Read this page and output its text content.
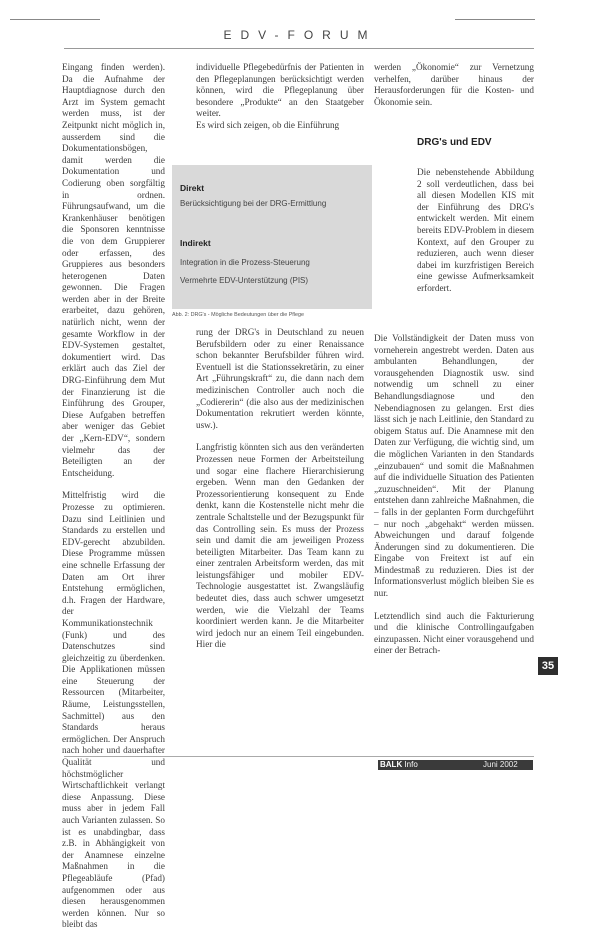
EDV-FORUM

Eingang finden werden). Da die Aufnahme der Hauptdiagnose durch den Arzt im System gemacht werden muss, ist der Zeitpunkt nicht möglich in, ausserdem sind die Dokumentationsbögen, damit werden die Dokumentation und Codierung oben sorgfältig in ordnen. Führungsaufwand, um die Krankenhäuser benötigen die Sponsoren kenntnisse die von dem Gruppierer oder erfassen, des Gruppieres aus besonders heterogenen Daten gewonnen. Die Fragen werden aber in der Breite erarbeitet, dazu gehören, natürlich nicht, wenn der gesamte Workflow in der EDV-Systemen gestaltet, dokumentiert wird. Das erklärt auch das Ziel der DRG-Einführung dem Mut der Finanzierung ist die Einführung des Grouper, Diese Aufgaben betreffen aber weniger das Gebiet der „Kern-EDV“, sondern vielmehr das der Beteiligten an der Entscheidung.

Mittelfristig wird die Prozesse zu optimieren. Dazu sind Leitlinien und Standards zu erstellen und EDV-gerecht abzubilden. Diese Programme müssen eine schnelle Erfassung der Daten am Ort ihrer Entstehung ermöglichen, d.h. Fragen der Hardware, der Kommunikationstechnik (Funk) und des Datenschutzes sind gleichzeitig zu überdenken. Die Applikationen müssen eine Steuerung der Ressourcen (Mitarbeiter, Räume, Leistungsstellen, Sachmittel) aus den Standards heraus ermöglichen. Der Anspruch nach hoher und dauerhafter Qualität und höchstmöglicher Wirtschaftlichkeit verlangt diese Anpassung. Diese muss aber in jedem Fall auch Varianten zulassen. So ist es unabdingbar, dass z.B. in Abhängigkeit von der Anamnese einzelne Maßnahmen in die Pflegeabläufe (Pfad) aufgenommen oder aus diesen herausgenommen werden können. Nur so bleibt das

individuelle Pflegebedürfnis der Patienten in den Pflegeplanungen berücksichtigt werden können, wird die Pflegeplanung über besondere „Produkte“ an den Staatgeber weiter.

Es wird sich zeigen, ob die Einführung

Direkt
Berücksichtigung bei der DRG-Ermittlung
Indirekt
Integration in die Prozess-Steuerung
Vermehrte EDV-Unterstützung (PIS)
Abb. 2: DRG's - Mögliche Bedeutungen über die Pflege

rung der DRG's in Deutschland zu neuen Berufsbildern oder zu einer Renaissance schon bekannter Berufsbilder führen wird. Eventuell ist die Stationssekretärin, zu einer Art „Führungskraft“ zu, die dann nach dem medizinischen Controller auch noch die „Codiererin“ (die also aus der medizinischen Dokumentation rekrutiert werden könnte, usw.).

Langfristig könnten sich aus den veränderten Prozessen neue Formen der Arbeitsteilung und sogar eine flachere Hierarchisierung ergeben. Wenn man den Gedanken der Prozessorientierung konsequent zu Ende denkt, kann die Kostenstelle nicht mehr die zentrale Schaltstelle und der Bezugspunkt für das Controlling sein. Es muss der Prozess sein und damit die am jeweiligen Prozess beteiligten Mitarbeiter. Das Team kann zu einer zentralen Arbeitsform werden, das mit leistungsfähiger und mobiler EDV-Technologie ausgestattet ist. Zwangsläufig bedeutet dies, dass auch schwer umgesetzt werden, wie die Vielzahl der Teams koordiniert werden kann. Je die Mitarbeiter wird jedoch nur an einem Teil eingebunden. Hier die

werden „Ökonomie“ zur Vernetzung verhelfen, darüber hinaus der Herausforderungen für die Kosten- und Ökonomie sein.

DRG's und EDV

Die nebenstehende Abbildung 2 soll verdeutlichen, dass bei all diesen Modellen KIS mit der Einführung des DRG's entwickelt werden. Mit einem bereits EDV-Problem in diesem Kontext, auf den Grouper zu reduzieren, auch wenn dieser dabei im kurzfristigen Bereich eine gewisse Aufmerksamkeit erfordert.

Die Vollständigkeit der Daten muss von vorneherein angestrebt werden. Daten aus ambulanten Behandlungen, der vorausgehenden Diagnostik usw. sind notwendig um schnell zu einer Behandlungsdiagnose und den Nebendiagnosen zu gelangen. Erst dies lässt sich je nach Leitlinie, den Standard zu obigem Status auf. Die Anamnese mit den Daten zur Verfügung, die wichtig sind, um die möglichen Varianten in den Standards „einzubauen“ und somit die Maßnahmen auf die individuelle Situation des Patienten „zuzuschneiden“. Mit der Planung entstehen dann zahlreiche Maßnahmen, die – falls in der geplanten Form durchgeführt – nur noch „abgehakt“ werden müssen. Abweichungen und darauf folgende Änderungen sind zu dokumentieren. Die Eingabe von Freitext ist auf ein Mindestmaß zu reduzieren. Dies ist der Informationsverlust möglich bleiben Sie es nur.

Letztendlich sind auch die Fakturierung und die klinische Controllingaufgaben einzupassen. Nicht einer vorausgehend und einer der Betrach-

35
BALK Info	Juni 2002
